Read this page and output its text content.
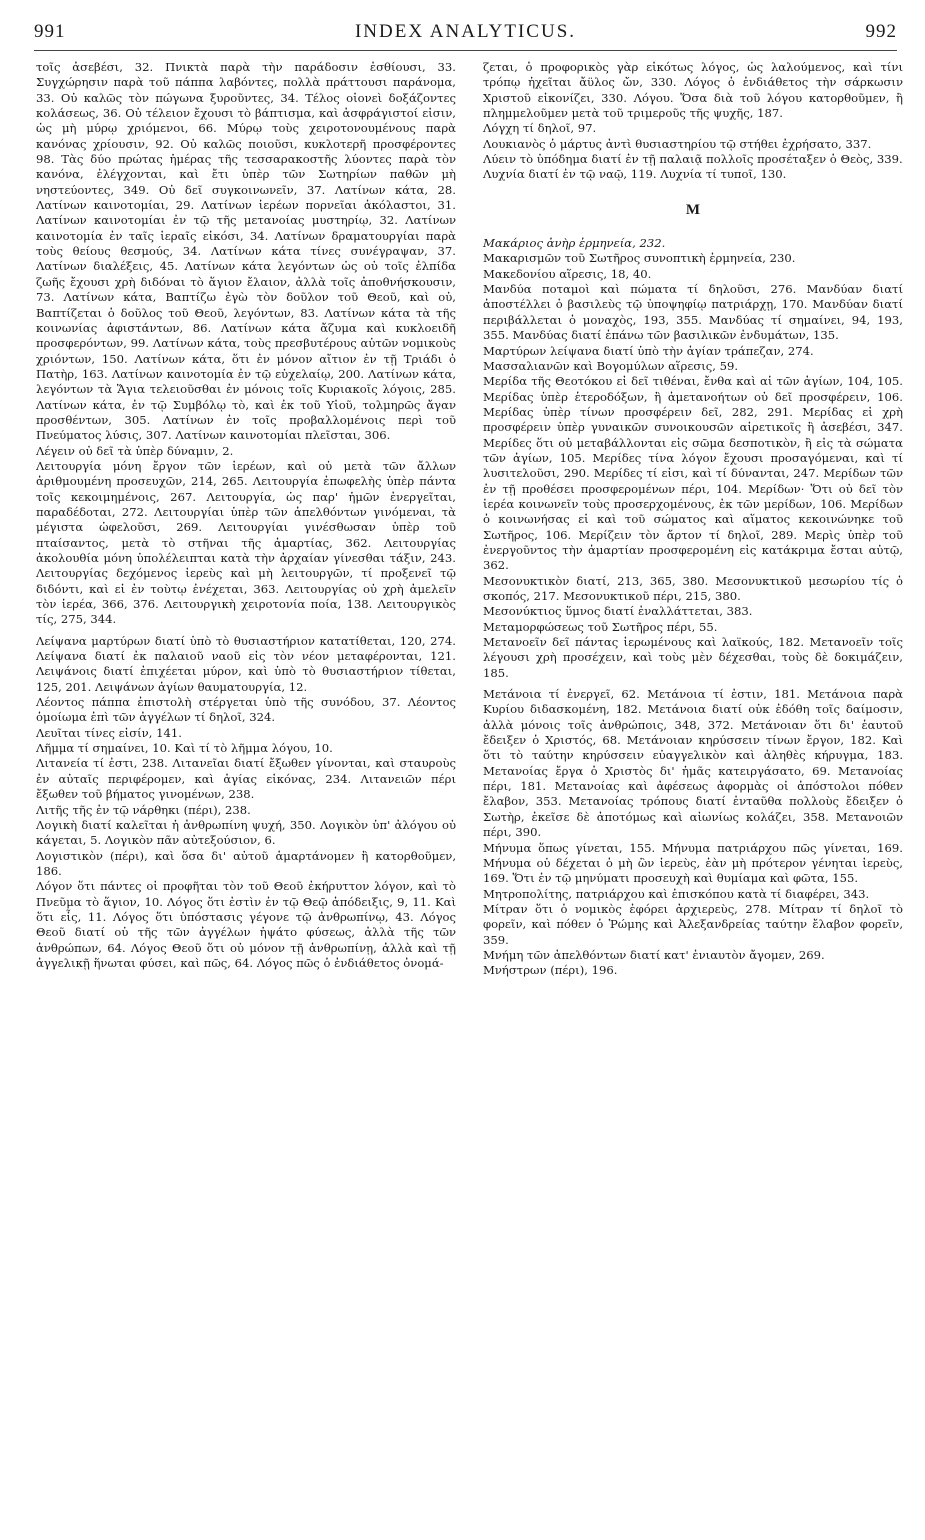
991	INDEX ANALYTICUS.	992

τοῖς ἀσεβέσι, 32. Πνικτὰ παρὰ τὴν παράδοσιν ἐσθίουσι, 33. Συγχώρησιν παρὰ τοῦ πάππα λαβόντες, πολλὰ πράττουσι παράνομα, 33. Οὐ καλῶς τὸν πώγωνα ξυροῦντες, 34. Τέλος οἰονεὶ δοξάζοντες κολάσεως, 36. Οὐ τέλειον ἔχουσι τὸ βάπτισμα, καὶ ἀσφράγιστοί εἰσιν, ὡς μὴ μύρῳ χριόμενοι, 66. Μύρῳ τοὺς χειροτονουμένους παρὰ κανόνας χρίουσιν, 92. Οὐ καλῶς ποιοῦσι, κυκλοτερῆ προσφέροντες 98. Τὰς δύο πρώτας ἡμέρας τῆς τεσσαρακοστῆς λύοντες παρὰ τὸν κανόνα, ἐλέγχονται, καὶ ἔτι ὑπὲρ τῶν Σωτηρίων παθῶν μὴ νηστεύοντες, 349. Οὐ δεῖ συγκοινωνεῖν, 37. Λατίνων κάτα, 28. Λατίνων καινοτομίαι, 29. Λατίνων ἱερέων πορνεῖαι ἀκόλαστοι, 31. Λατίνων καινοτομίαι ἐν τῷ τῆς μετανοίας μυστηρίῳ, 32. Λατίνων καινοτομία ἐν ταῖς ἱεραῖς εἰκόσι, 34. Λατίνων δραματουργίαι παρὰ τοὺς θείους θεσμούς, 34. Λατίνων κάτα τίνες συνέγραψαν, 37. Λατίνων διαλέξεις, 45. Λατίνων κάτα λεγόντων ὡς οὐ τοῖς ἐλπίδα ζωῆς ἔχουσι χρὴ διδόναι τὸ ἅγιον ἔλαιον, ἀλλὰ τοῖς ἀποθνήσκουσιν, 73. Λατίνων κάτα, Βαπτίζω ἐγὼ τὸν δοῦλον τοῦ Θεοῦ, καὶ οὐ, Βαπτίζεται ὁ δοῦλος τοῦ Θεοῦ, λεγόντων, 83. Λατίνων κάτα τὰ τῆς κοινωνίας ἀφιστάντων, 86. Λατίνων κάτα ἄζυμα καὶ κυκλοειδῆ προσφερόντων, 99. Λατίνων κάτα, τοὺς πρεσβυτέρους αὐτῶν νομικοὺς χριόντων, 150. Λατίνων κάτα, ὅτι ἐν μόνον αἴτιον ἐν τῇ Τριάδι ὁ Πατὴρ, 163. Λατίνων καινοτομία ἐν τῷ εὐχελαίῳ, 200. Λατίνων κάτα, λεγόντων τὰ Ἅγια τελειοῦσθαι ἐν μόνοις τοῖς Κυριακοῖς λόγοις, 285. Λατίνων κάτα, ἐν τῷ Συμβόλῳ τὸ, καὶ ἐκ τοῦ Υἱοῦ, τολμηρῶς ἄγαν προσθέντων, 305. Λατίνων ἐν τοῖς προβαλλομένοις περὶ τοῦ Πνεύματος λύσις, 307. Λατίνων καινοτομίαι πλεῖσται, 306.

Λέγειν οὐ δεῖ τὰ ὑπὲρ δύναμιν, 2.

Λειτουργία μόνη ἔργον τῶν ἱερέων, καὶ οὐ μετὰ τῶν ἄλλων ἀριθμουμένη προσευχῶν, 214, 265. Λειτουργία ἐπωφελὴς ὑπὲρ πάντα τοῖς κεκοιμημένοις, 267. Λειτουργία, ὡς παρ' ἡμῶν ἐνεργεῖται, παραδέδοται, 272. Λειτουργίαι ὑπὲρ τῶν ἀπελθόντων γινόμεναι, τὰ μέγιστα ὠφελοῦσι, 269. Λειτουργίαι γινέσθωσαν ὑπὲρ τοῦ πταίσαντος, μετὰ τὸ στῆναι τῆς ἁμαρτίας, 362. Λειτουργίας ἀκολουθία μόνη ὑπολέλειπται κατὰ τὴν ἀρχαίαν γίνεσθαι τάξιν, 243. Λειτουργίας δεχόμενος ἱερεὺς καὶ μὴ λειτουργῶν, τί προξενεῖ τῷ διδόντι, καὶ εἰ ἐν τοὺτῳ ἐνέχεται, 363. Λειτουργίας οὐ χρὴ ἀμελεῖν τὸν ἱερέα, 366, 376. Λειτουργικὴ χειροτονία ποία, 138. Λειτουργικὸς τίς, 275, 344.

Λείψανα μαρτύρων διατί ὑπὸ τὸ θυσιαστήριον κατατίθεται, 120, 274. Λείψανα διατί ἐκ παλαιοῦ ναοῦ εἰς τὸν νέον μεταφέρονται, 121. Λειψάνοις διατί ἐπιχέεται μύρον, καὶ ὑπὸ τὸ θυσιαστήριον τίθεται, 125, 201. Λειψάνων ἁγίων θαυματουργία, 12.

Λέοντος πάππα ἐπιστολὴ στέργεται ὑπὸ τῆς συνόδου, 37. Λέοντος ὁμοίωμα ἐπὶ τῶν ἀγγέλων τί δηλοῖ, 324.

Λευῖται τίνες εἰσίν, 141.

Λῆμμα τί σημαίνει, 10. Καὶ τί τὸ λῆμμα λόγου, 10.

Λιτανεία τί ἐστι, 238. Λιτανεῖαι διατί ἔξωθεν γίνονται, καὶ σταυροὺς ἐν αὐταῖς περιφέρομεν, καὶ ἁγίας εἰκόνας, 234. Λιτανειῶν πέρι ἔξωθεν τοῦ βήματος γινομένων, 238.

Λιτῆς τῆς ἐν τῷ νάρθηκι (πέρι), 238.

Λογικὴ διατί καλεῖται ἡ ἀνθρωπίνη ψυχή, 350. Λογικὸν ὑπ' ἀλόγου οὐ κάγεται, 5. Λογικὸν πᾶν αὐτεξούσιον, 6.

Λογιστικὸν (πέρι), καὶ ὅσα δι' αὐτοῦ ἁμαρτάνομεν ἢ κατορθοῦμεν, 186.

Λόγον ὅτι πάντες οἱ προφῆται τὸν τοῦ Θεοῦ ἐκήρυττον λόγον, καὶ τὸ Πνεῦμα τὸ ἅγιον, 10. Λόγος ὅτι ἐστὶν ἐν τῷ Θεῷ ἀπόδειξις, 9, 11. Καὶ ὅτι εἷς, 11. Λόγος ὅτι ὑπόστασις γέγονε τῷ ἀνθρωπίνῳ, 43. Λόγος Θεοῦ διατί οὐ τῆς τῶν ἀγγέλων ἡψάτο φύσεως, ἀλλὰ τῆς τῶν ἀνθρώπων, 64. Λόγος Θεοῦ ὅτι οὐ μόνον τῇ ἀνθρωπίνῃ, ἀλλὰ καὶ τῇ ἀγγελικῇ ἥνωται φύσει, καὶ πῶς, 64. Λόγος πῶς ὁ ἐνδιάθετος ὀνομά-

ζεται, ὁ προφορικὸς γὰρ εἰκότως λόγος, ὡς λαλούμενος, καὶ τίνι τρόπῳ ἠχεῖται ἄϋλος ὤν, 330. Λόγος ὁ ἐνδιάθετος τὴν σάρκωσιν Χριστοῦ εἰκονίζει, 330. Λόγου. Ὅσα διὰ τοῦ λόγου κατορθοῦμεν, ἢ πλημμελοῦμεν μετὰ τοῦ τριμεροῦς τῆς ψυχῆς, 187.

Λόγχη τί δηλοῖ, 97.

Λουκιανὸς ὁ μάρτυς ἀντὶ θυσιαστηρίου τῷ στήθει ἐχρήσατο, 337.

Λύειν τὸ ὑπόδημα διατί ἐν τῇ παλαιᾷ πολλοῖς προσέταξεν ὁ Θεὸς, 339.

Λυχνία διατί ἐν τῷ ναῷ, 119. Λυχνία τί τυποῖ, 130.

M

Μακάριος ἀνὴρ ἑρμηνεία, 232.

Μακαρισμῶν τοῦ Σωτῆρος συνοπτικὴ ἑρμηνεία, 230.

Μακεδονίου αἵρεσις, 18, 40.

Μανδύα ποταμοὶ καὶ πώματα τί δηλοῦσι, 276. Μανδύαν διατί ἀποστέλλει ὁ βασιλεὺς τῷ ὑποψηφίῳ πατριάρχῃ, 170. Μανδύαν διατί περιβάλλεται ὁ μοναχὸς, 193, 355. Μανδύας τί σημαίνει, 94, 193, 355. Μανδύας διατί ἐπάνω τῶν βασιλικῶν ἐνδυμάτων, 135.

Μαρτύρων λείψανα διατί ὑπὸ τὴν ἁγίαν τράπεζαν, 274.

Μασσαλιανῶν καὶ Βογομύλων αἵρεσις, 59.

Μερίδα τῆς Θεοτόκου εἰ δεῖ τιθέναι, ἔνθα καὶ αἱ τῶν ἁγίων, 104, 105. Μερίδας ὑπὲρ ἑτεροδόξων, ἢ ἀμετανοήτων οὐ δεῖ προσφέρειν, 106. Μερίδας ὑπὲρ τίνων προσφέρειν δεῖ, 282, 291. Μερίδας εἰ χρὴ προσφέρειν ὑπὲρ γυναικῶν συνοικουσῶν αἱρετικοῖς ἢ ἀσεβέσι, 347. Μερίδες ὅτι οὐ μεταβάλλονται εἰς σῶμα δεσποτικὸν, ἢ εἰς τὰ σώματα τῶν ἁγίων, 105. Μερίδες τίνα λόγον ἔχουσι προσαγόμεναι, καὶ τί λυσιτελοῦσι, 290. Μερίδες τί εἰσι, καὶ τί δύνανται, 247. Μερίδων τῶν ἐν τῇ προθέσει προσφερομένων πέρι, 104. Μερίδων· Ὅτι οὐ δεῖ τὸν ἱερέα κοινωνεῖν τοὺς προσερχομένους, ἐκ τῶν μερίδων, 106. Μερίδων ὁ κοινωνήσας εἰ καὶ τοῦ σώματος καὶ αἵματος κεκοινώνηκε τοῦ Σωτῆρος, 106. Μερίζειν τὸν ἄρτον τί δηλοῖ, 289. Μερὶς ὑπὲρ τοῦ ἐνεργοῦντος τὴν ἁμαρτίαν προσφερομένη εἰς κατάκριμα ἔσται αὐτῷ, 362.

Μεσονυκτικὸν διατί, 213, 365, 380. Μεσονυκτικοῦ μεσωρίου τίς ὁ σκοπός, 217. Μεσονυκτικοῦ πέρι, 215, 380.

Μεσονύκτιος ὕμνος διατί ἐναλλάττεται, 383.

Μεταμορφώσεως τοῦ Σωτῆρος πέρι, 55.

Μετανοεῖν δεῖ πάντας ἱερωμένους καὶ λαϊκούς, 182. Μετανοεῖν τοῖς λέγουσι χρὴ προσέχειν, καὶ τοὺς μὲν δέχεσθαι, τοὺς δὲ δοκιμάζειν, 185.

Μετάνοια τί ἐνεργεῖ, 62. Μετάνοια τί ἐστιν, 181. Μετάνοια παρὰ Κυρίου διδασκομένη, 182. Μετάνοια διατί οὐκ ἐδόθη τοῖς δαίμοσιν, ἀλλὰ μόνοις τοῖς ἀνθρώποις, 348, 372. Μετάνοιαν ὅτι δι' ἑαυτοῦ ἔδειξεν ὁ Χριστός, 68. Μετάνοιαν κηρύσσειν τίνων ἔργον, 182. Καὶ ὅτι τὸ ταύτην κηρύσσειν εὐαγγελικὸν καὶ ἀληθὲς κήρυγμα, 183. Μετανοίας ἔργα ὁ Χριστὸς δι' ἡμᾶς κατειργάσατο, 69. Μετανοίας πέρι, 181. Μετανοίας καὶ ἀφέσεως ἀφορμὰς οἱ ἀπόστολοι πόθεν ἔλαβον, 353. Μετανοίας τρόπους διατί ἐνταῦθα πολλοὺς ἔδειξεν ὁ Σωτὴρ, ἐκεῖσε δὲ ἀποτόμως καὶ αἰωνίως κολάζει, 358. Μετανοιῶν πέρι, 390.

Μήνυμα ὅπως γίνεται, 155. Μήνυμα πατριάρχου πῶς γίνεται, 169. Μήνυμα οὐ δέχεται ὁ μὴ ὢν ἱερεὺς, ἐὰν μὴ πρότερον γένηται ἱερεὺς, 169. Ὅτι ἐν τῷ μηνύματι προσευχὴ καὶ θυμίαμα καὶ φῶτα, 155.

Μητροπολίτης, πατριάρχου καὶ ἐπισκόπου κατὰ τί διαφέρει, 343.

Μίτραν ὅτι ὁ νομικὸς ἐφόρει ἀρχιερεὺς, 278. Μίτραν τί δηλοῖ τὸ φορεῖν, καὶ πόθεν ὁ Ῥώμης καὶ Ἀλεξανδρείας ταύτην ἔλαβον φορεῖν, 359.

Μνήμη τῶν ἀπελθόντων διατί κατ' ἐνιαυτὸν ἄγομεν, 269.

Μνήστρων (πέρι), 196.
